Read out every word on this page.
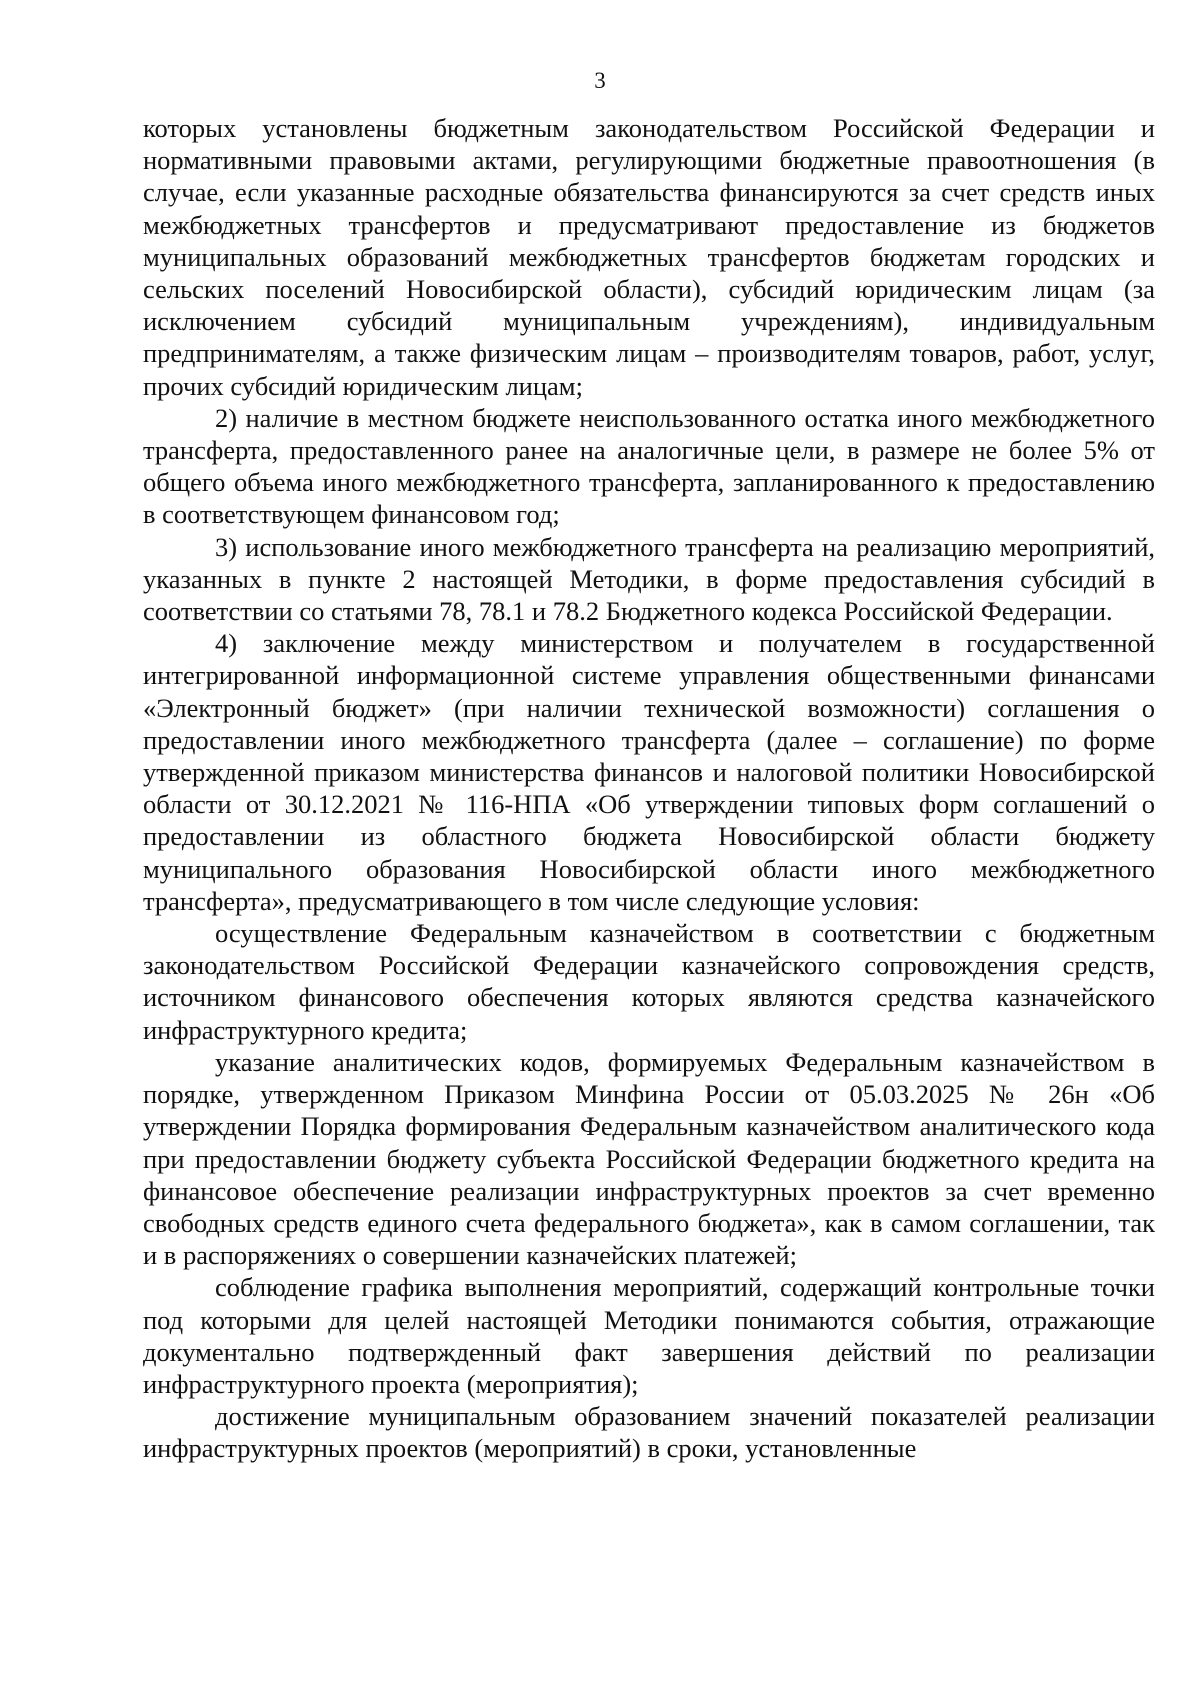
3

которых установлены бюджетным законодательством Российской Федерации и нормативными правовыми актами, регулирующими бюджетные правоотношения (в случае, если указанные расходные обязательства финансируются за счет средств иных межбюджетных трансфертов и предусматривают предоставление из бюджетов муниципальных образований межбюджетных трансфертов бюджетам городских и сельских поселений Новосибирской области), субсидий юридическим лицам (за исключением субсидий муниципальным учреждениям), индивидуальным предпринимателям, а также физическим лицам – производителям товаров, работ, услуг, прочих субсидий юридическим лицам;

2) наличие в местном бюджете неиспользованного остатка иного межбюджетного трансферта, предоставленного ранее на аналогичные цели, в размере не более 5% от общего объема иного межбюджетного трансферта, запланированного к предоставлению в соответствующем финансовом год;

3) использование иного межбюджетного трансферта на реализацию мероприятий, указанных в пункте 2 настоящей Методики, в форме предоставления субсидий в соответствии со статьями 78, 78.1 и 78.2 Бюджетного кодекса Российской Федерации.

4) заключение между министерством и получателем в государственной интегрированной информационной системе управления общественными финансами «Электронный бюджет» (при наличии технической возможности) соглашения о предоставлении иного межбюджетного трансферта (далее – соглашение) по форме утвержденной приказом министерства финансов и налоговой политики Новосибирской области от 30.12.2021 № 116-НПА «Об утверждении типовых форм соглашений о предоставлении из областного бюджета Новосибирской области бюджету муниципального образования Новосибирской области иного межбюджетного трансферта», предусматривающего в том числе следующие условия:

осуществление Федеральным казначейством в соответствии с бюджетным законодательством Российской Федерации казначейского сопровождения средств, источником финансового обеспечения которых являются средства казначейского инфраструктурного кредита;

указание аналитических кодов, формируемых Федеральным казначейством в порядке, утвержденном Приказом Минфина России от 05.03.2025 № 26н «Об утверждении Порядка формирования Федеральным казначейством аналитического кода при предоставлении бюджету субъекта Российской Федерации бюджетного кредита на финансовое обеспечение реализации инфраструктурных проектов за счет временно свободных средств единого счета федерального бюджета», как в самом соглашении, так и в распоряжениях о совершении казначейских платежей;

соблюдение графика выполнения мероприятий, содержащий контрольные точки под которыми для целей настоящей Методики понимаются события, отражающие документально подтвержденный факт завершения действий по реализации инфраструктурного проекта (мероприятия);

достижение муниципальным образованием значений показателей реализации инфраструктурных проектов (мероприятий) в сроки, установленные
